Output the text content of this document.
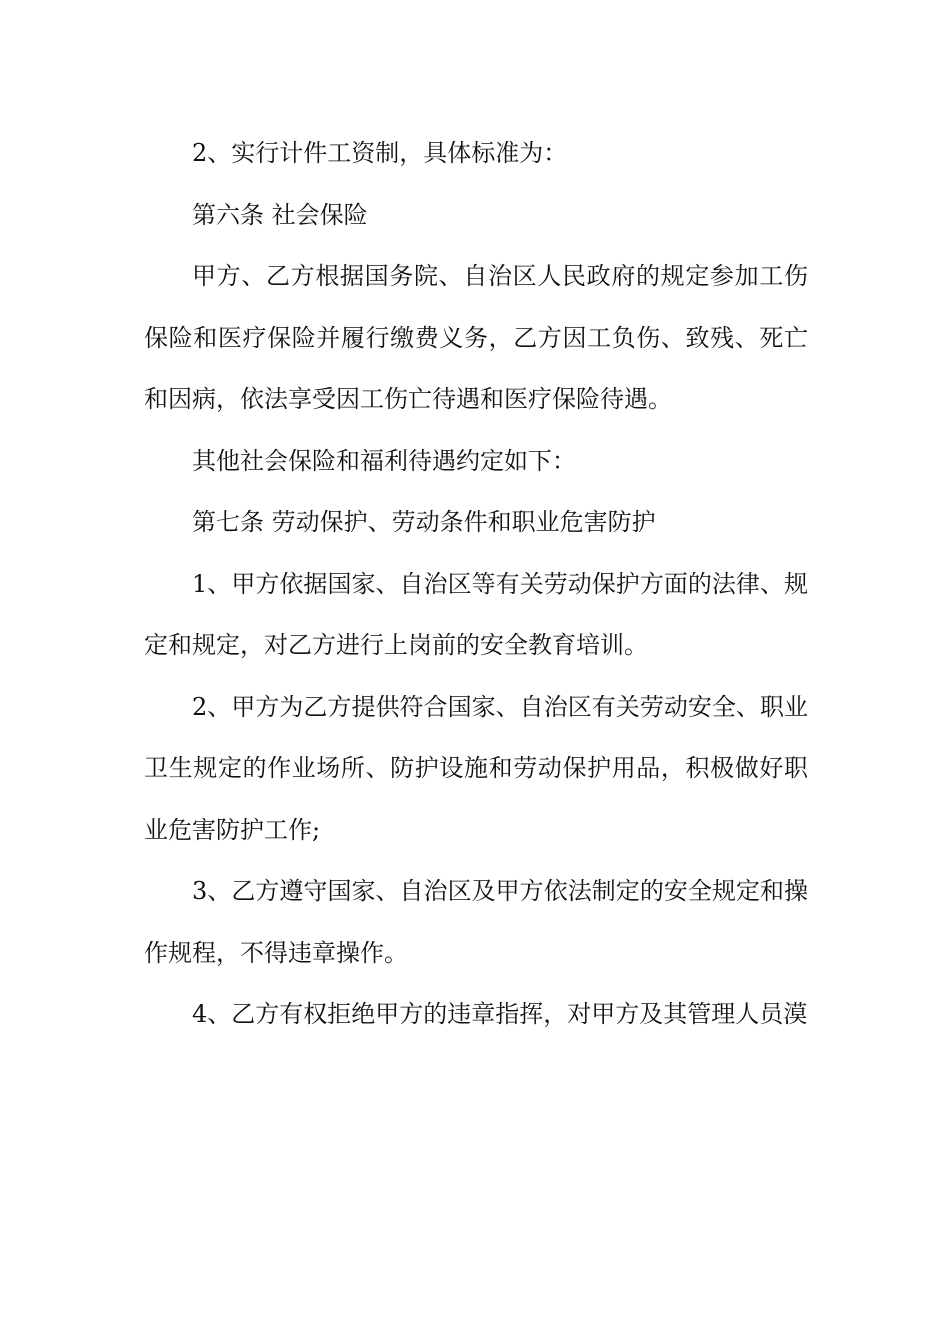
2、实行计件工资制，具体标准为：

第六条 社会保险

甲方、乙方根据国务院、自治区人民政府的规定参加工伤保险和医疗保险并履行缴费义务，乙方因工负伤、致残、死亡和因病，依法享受因工伤亡待遇和医疗保险待遇。

其他社会保险和福利待遇约定如下：

第七条 劳动保护、劳动条件和职业危害防护

1、甲方依据国家、自治区等有关劳动保护方面的法律、规定和规定，对乙方进行上岗前的安全教育培训。

2、甲方为乙方提供符合国家、自治区有关劳动安全、职业卫生规定的作业场所、防护设施和劳动保护用品，积极做好职业危害防护工作;

3、乙方遵守国家、自治区及甲方依法制定的安全规定和操作规程，不得违章操作。

4、乙方有权拒绝甲方的违章指挥，对甲方及其管理人员漠
